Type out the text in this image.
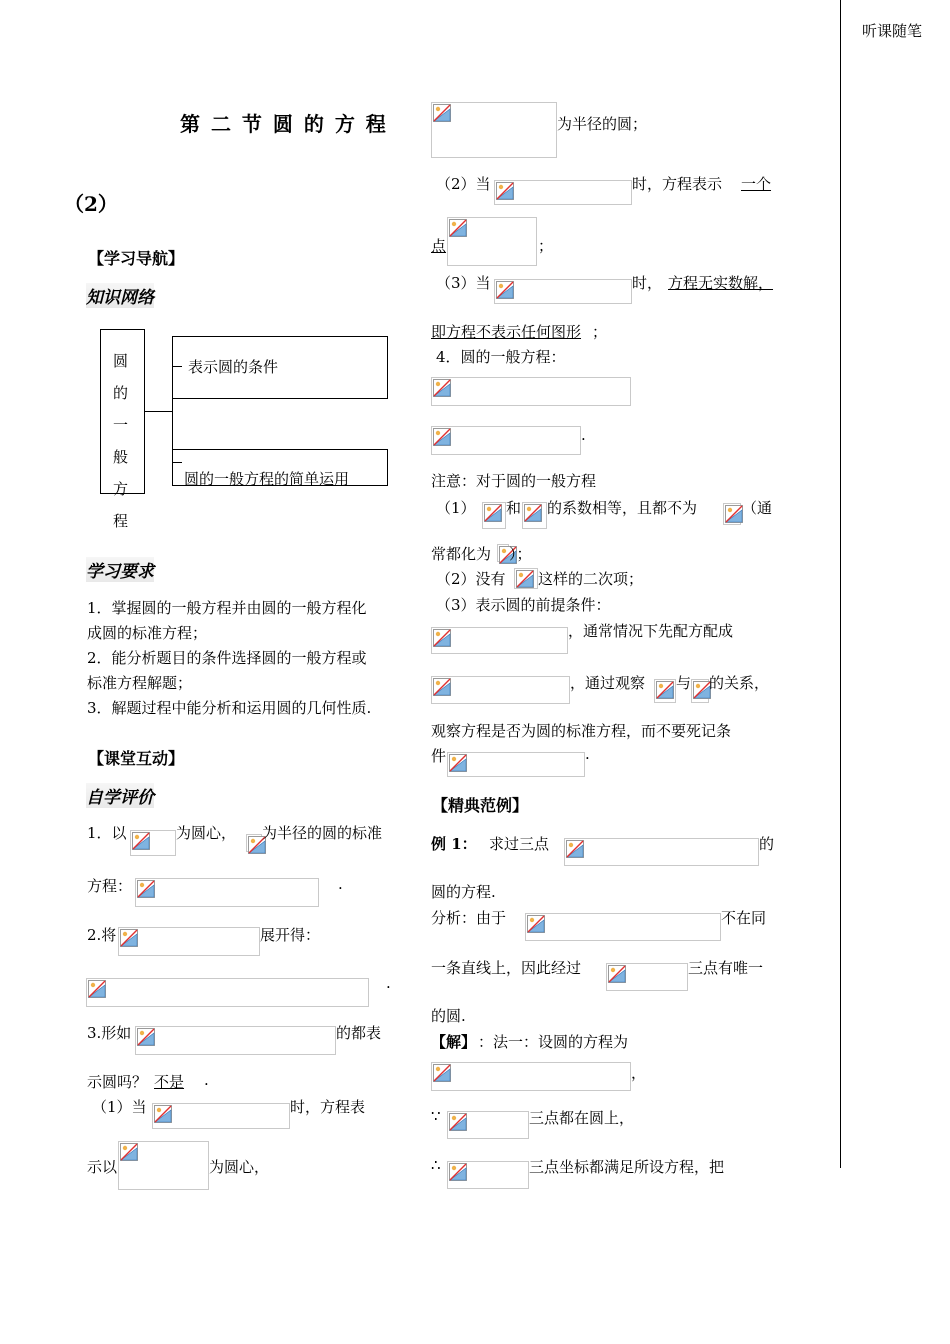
听课随笔
第 二 节 圆 的 方 程
（2）
【学习导航】
知识网络
圆
的
一
般
方
程
表示圆的条件
圆的一般方程的简单运用
学习要求
1．掌握圆的一般方程并由圆的一般方程化
成圆的标准方程；
2．能分析题目的条件选择圆的一般方程或
标准方程解题；
3．解题过程中能分析和运用圆的几何性质.
【课堂互动】
自学评价
1．以	为圆心， 为半径的圆的标准
方程：	.
2.将	展开得：
.
3.形如	的都表
示圆吗？ 不是 .
（1）当	时，方程表
示以	为圆心，
为半径的圆；
（2）当	时，方程表示 一个
点	；
（3）当	时， 方程无实数解，
即方程不表示任何图形 ；
4．圆的一般方程：
.
注意：对于圆的一般方程
（1） 和 的系数相等，且都不为	（通
常都化为 ）；
（2）没有 这样的二次项；
（3）表示圆的前提条件：
，通常情况下先配方配成
，通过观察 与 的关系，
观察方程是否为圆的标准方程，而不要死记条
件	.
【精典范例】
例 1： 求过三点	的
圆的方程.
分析：由于	不在同
一条直线上，因此经过	三点有唯一
的圆.
【解】 ：法一：设圆的方程为
，
∵	三点都在圆上，
∴	三点坐标都满足所设方程，把
